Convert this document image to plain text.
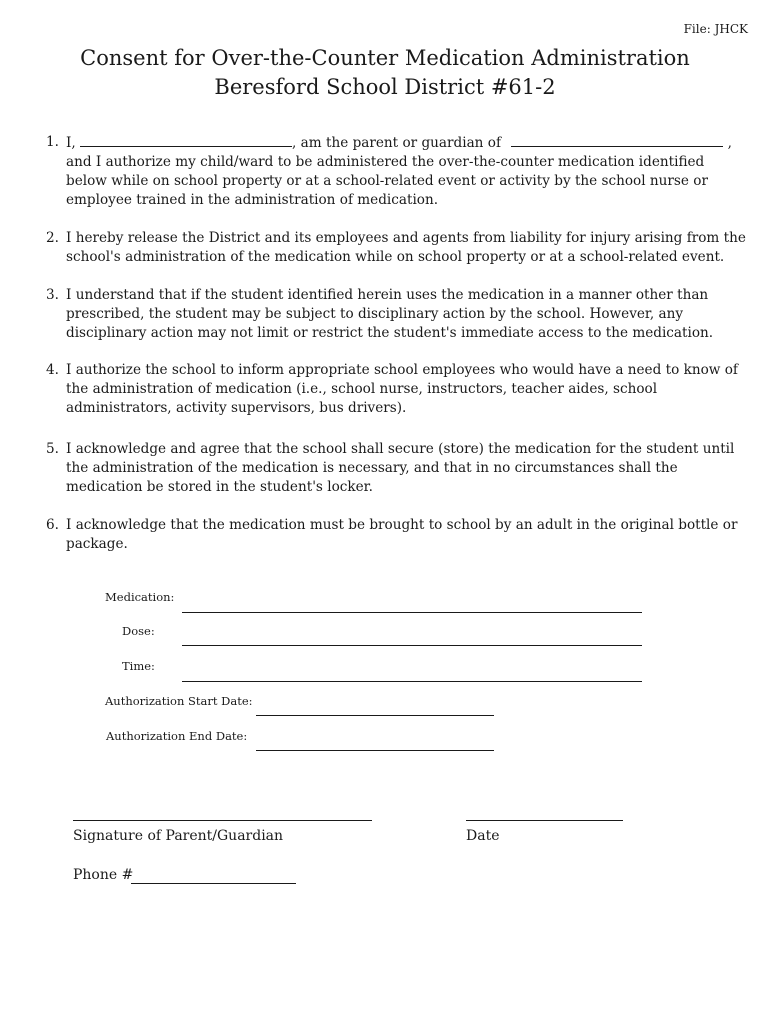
File: JHCK
Consent for Over-the-Counter Medication Administration
Beresford School District #61-2
1. I,	, am the parent or guardian of	, and I authorize my child/ward to be administered the over-the-counter medication identified below while on school property or at a school-related event or activity by the school nurse or employee trained in the administration of medication.
2. I hereby release the District and its employees and agents from liability for injury arising from the school's administration of the medication while on school property or at a school-related event.
3. I understand that if the student identified herein uses the medication in a manner other than prescribed, the student may be subject to disciplinary action by the school. However, any disciplinary action may not limit or restrict the student's immediate access to the medication.
4. I authorize the school to inform appropriate school employees who would have a need to know of the administration of medication (i.e., school nurse, instructors, teacher aides, school administrators, activity supervisors, bus drivers).
5. I acknowledge and agree that the school shall secure (store) the medication for the student until the administration of the medication is necessary, and that in no circumstances shall the medication be stored in the student's locker.
6. I acknowledge that the medication must be brought to school by an adult in the original bottle or package.
Medication:
Dose:
Time:
Authorization Start Date:
Authorization End Date:
Signature of Parent/Guardian	Date
Phone #
